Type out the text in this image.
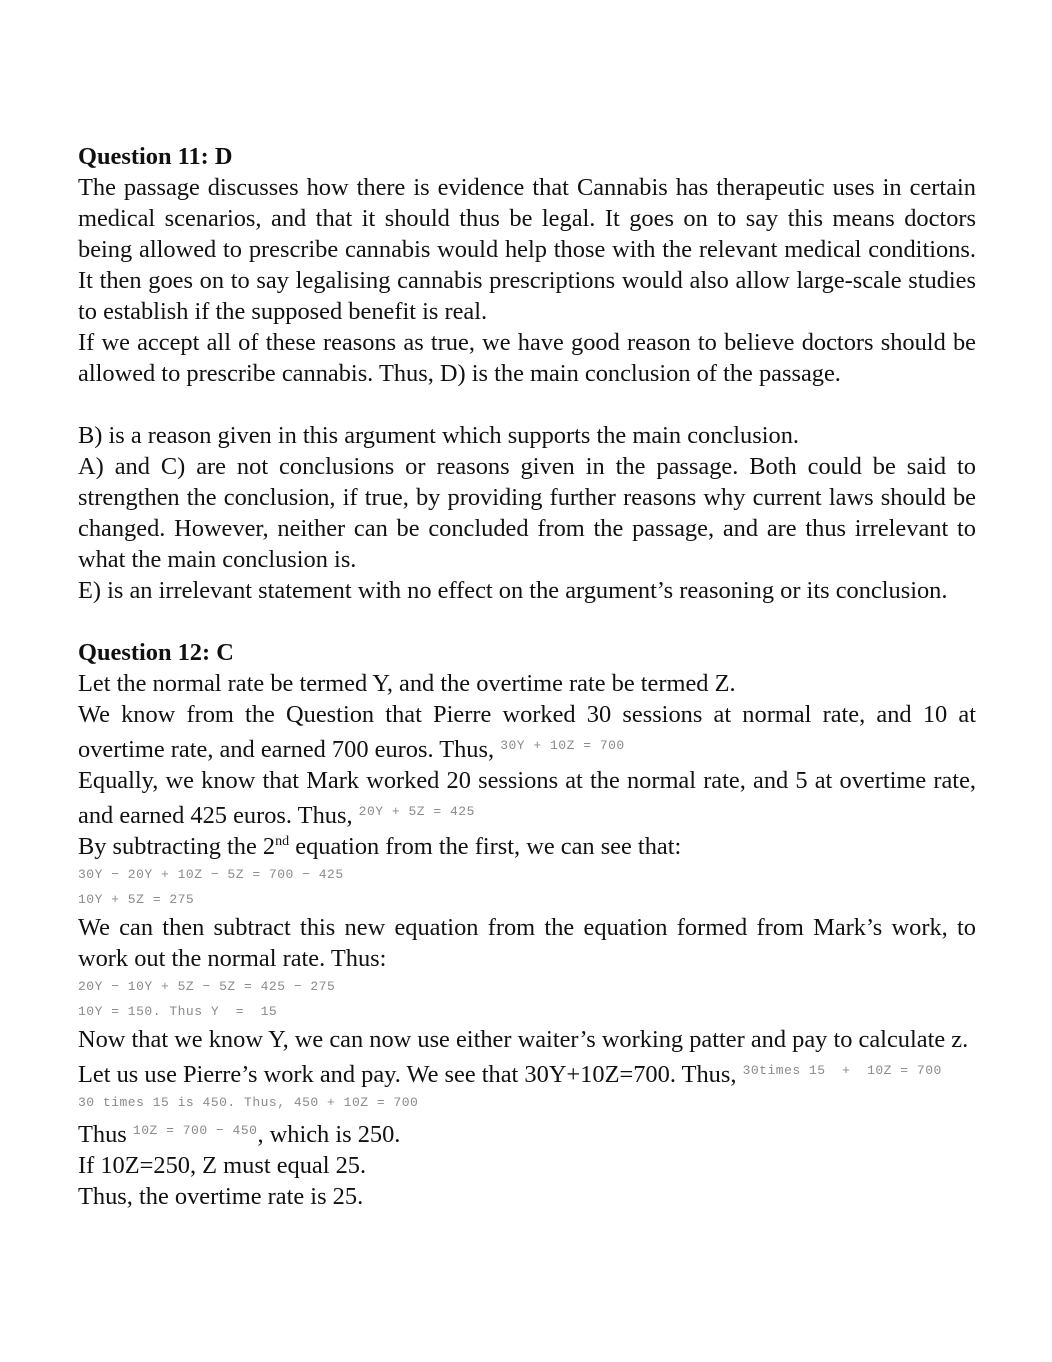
Question 11: D

The passage discusses how there is evidence that Cannabis has therapeutic uses in certain medical scenarios, and that it should thus be legal. It goes on to say this means doctors being allowed to prescribe cannabis would help those with the relevant medical conditions. It then goes on to say legalising cannabis prescriptions would also allow large-scale studies to establish if the supposed benefit is real.

If we accept all of these reasons as true, we have good reason to believe doctors should be allowed to prescribe cannabis. Thus, D) is the main conclusion of the passage.

B) is a reason given in this argument which supports the main conclusion.

A) and C) are not conclusions or reasons given in the passage. Both could be said to strengthen the conclusion, if true, by providing further reasons why current laws should be changed. However, neither can be concluded from the passage, and are thus irrelevant to what the main conclusion is.

E) is an irrelevant statement with no effect on the argument’s reasoning or its conclusion.

Question 12: C

Let the normal rate be termed Y, and the overtime rate be termed Z.

We know from the Question that Pierre worked 30 sessions at normal rate, and 10 at overtime rate, and earned 700 euros. Thus, $^{30Y + 10Z = 700}$

Equally, we know that Mark worked 20 sessions at the normal rate, and 5 at overtime rate, and earned 425 euros. Thus, $^{20Y + 5Z = 425}$

By subtracting the 2nd equation from the first, we can see that:

30Y − 20Y + 10Z − 5Z = 700 − 425
10Y + 5Z = 275

We can then subtract this new equation from the equation formed from Mark’s work, to work out the normal rate. Thus:

20Y − 10Y + 5Z − 5Z = 425 − 275
10Y = 150. Thus Y  =  15

Now that we know Y, we can now use either waiter’s working patter and pay to calculate z.

Let us use Pierre’s work and pay. We see that 30Y+10Z=700. Thus, $^{30times 15 + 10Z = 700}$

30 times 15 is 450. Thus, 450 + 10Z = 700

Thus $^{10Z = 700 - 450}$, which is 250.

If 10Z=250, Z must equal 25.

Thus, the overtime rate is 25.
